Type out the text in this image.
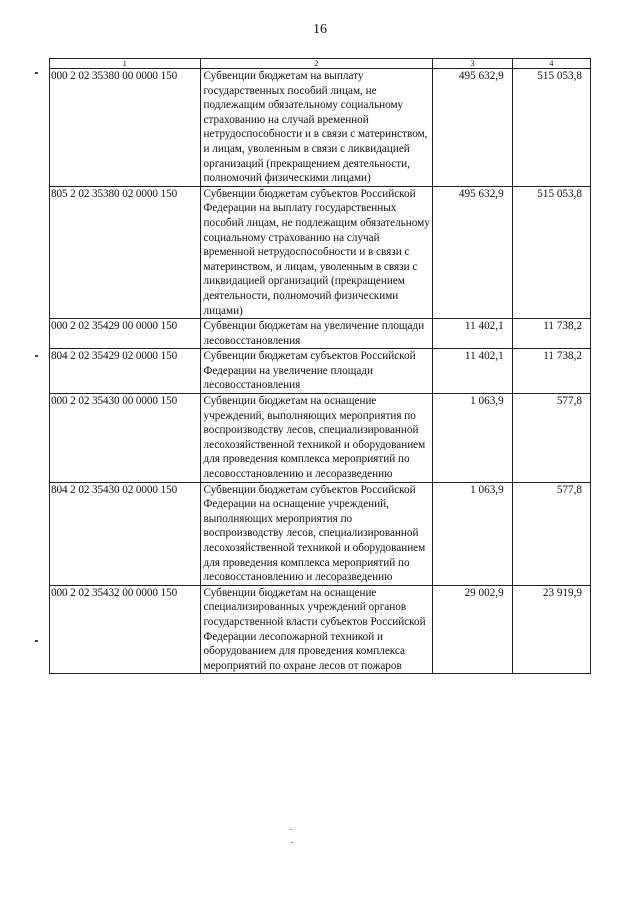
16
1	2	3	4
000 2 02 35380 00 0000 150	Субвенции бюджетам на выплату государственных пособий лицам, не подлежащим обязательному социальному страхованию на случай временной нетрудоспособности и в связи с материнством, и лицам, уволенным в связи с ликвидацией организаций (прекращением деятельности, полномочий физическими лицами)	495 632,9	515 053,8
805 2 02 35380 02 0000 150	Субвенции бюджетам субъектов Российской Федерации на выплату государственных пособий лицам, не подлежащим обязательному социальному страхованию на случай временной нетрудоспособности и в связи с материнством, и лицам, уволенным в связи с ликвидацией организаций (прекращением деятельности, полномочий физическими лицами)	495 632,9	515 053,8
000 2 02 35429 00 0000 150	Субвенции бюджетам на увеличение площади лесовосстановления	11 402,1	11 738,2
804 2 02 35429 02 0000 150	Субвенции бюджетам субъектов Российской Федерации на увеличение площади лесовосстановления	11 402,1	11 738,2
000 2 02 35430 00 0000 150	Субвенции бюджетам на оснащение учреждений, выполняющих мероприятия по воспроизводству лесов, специализированной лесохозяйственной техникой и оборудованием для проведения комплекса мероприятий по лесовосстановлению и лесоразведению	1 063,9	577,8
804 2 02 35430 02 0000 150	Субвенции бюджетам субъектов Российской Федерации на оснащение учреждений, выполняющих мероприятия по воспроизводству лесов, специализированной лесохозяйственной техникой и оборудованием для проведения комплекса мероприятий по лесовосстановлению и лесоразведению	1 063,9	577,8
000 2 02 35432 00 0000 150	Субвенции бюджетам на оснащение специализированных учреждений органов государственной власти субъектов Российской Федерации лесопожарной техникой и оборудованием для проведения комплекса мероприятий по охране лесов от пожаров	29 002,9	23 919,9
